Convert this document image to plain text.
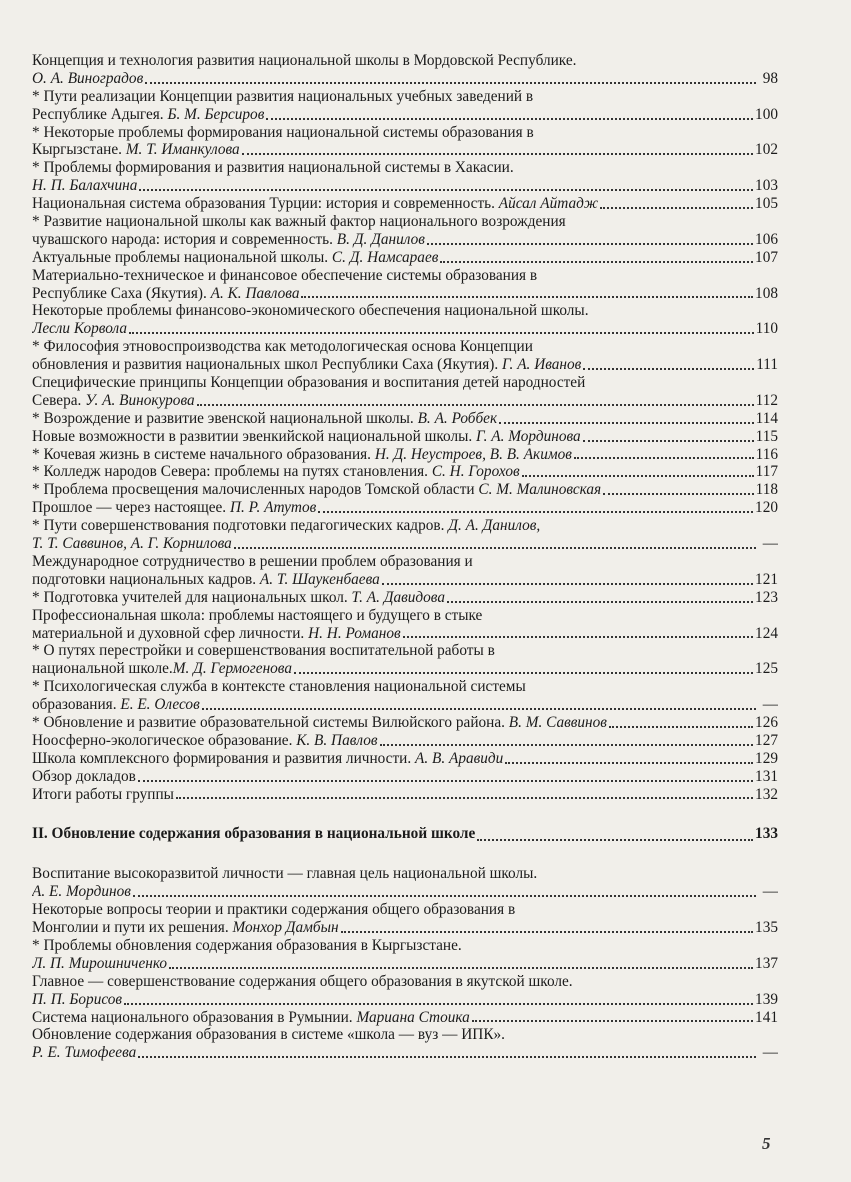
Концепция и технология развития национальной школы в Мордовской Республике.
О. А. Виноградов	98
* Пути реализации Концепции развития национальных учебных заведений в
Республике Адыгея. Б. М. Берсиров	100
* Некоторые проблемы формирования национальной системы образования в
Кыргызстане. М. Т. Иманкулова	102
* Проблемы формирования и развития национальной системы в Хакасии.
Н. П. Балахчина	103
Национальная система образования Турции: история и современность. Айсал Айтадж	105
* Развитие национальной школы как важный фактор национального возрождения
чувашского народа: история и современность. В. Д. Данилов	106
Актуальные проблемы национальной школы. С. Д. Намсараев	107
Материально-техническое и финансовое обеспечение системы образования в
Республике Саха (Якутия). А. К. Павлова	108
Некоторые проблемы финансово-экономического обеспечения национальной школы.
Лесли Корвола	110
* Философия этновоспроизводства как методологическая основа Концепции
обновления и развития национальных школ Республики Саха (Якутия). Г. А. Иванов	111
Специфические принципы Концепции образования и воспитания детей народностей
Севера. У. А. Винокурова	112
* Возрождение и развитие эвенской национальной школы. В. А. Роббек	114
Новые возможности в развитии эвенкийской национальной школы. Г. А. Мординова	115
* Кочевая жизнь в системе начального образования. Н. Д. Неустроев, В. В. Акимов	116
* Колледж народов Севера: проблемы на путях становления. С. Н. Горохов	117
* Проблема просвещения малочисленных народов Томской области С. М. Малиновская	118
Прошлое — через настоящее. П. Р. Атутов	120
* Пути совершенствования подготовки педагогических кадров. Д. А. Данилов,
Т. Т. Саввинов, А. Г. Корнилова	—
Международное сотрудничество в решении проблем образования и
подготовки национальных кадров. А. Т. Шаукенбаева	121
* Подготовка учителей для национальных школ. Т. А. Давидова	123
Профессиональная школа: проблемы настоящего и будущего в стыке
материальной и духовной сфер личности. Н. Н. Романов	124
* О путях перестройки и совершенствования воспитательной работы в
национальной школе.М. Д. Гермогенова	125
* Психологическая служба в контексте становления национальной системы
образования. Е. Е. Олесов	—
* Обновление и развитие образовательной системы Вилюйского района. В. М. Саввинов	126
Ноосферно-экологическое образование. К. В. Павлов	127
Школа комплексного формирования и развития личности. А. В. Аравиди	129
Обзор докладов	131
Итоги работы группы	132
II. Обновление содержания образования в национальной школе	133
Воспитание высокоразвитой личности — главная цель национальной школы.
А. Е. Мординов	—
Некоторые вопросы теории и практики содержания общего образования в
Монголии и пути их решения. Монхор Дамбын	135
* Проблемы обновления содержания образования в Кыргызстане.
Л. П. Мирошниченко	137
Главное — совершенствование содержания общего образования в якутской школе.
П. П. Борисов	139
Система национального образования в Румынии. Мариана Стоика	141
Обновление содержания образования в системе «школа — вуз — ИПК».
Р. Е. Тимофеева	—
5
